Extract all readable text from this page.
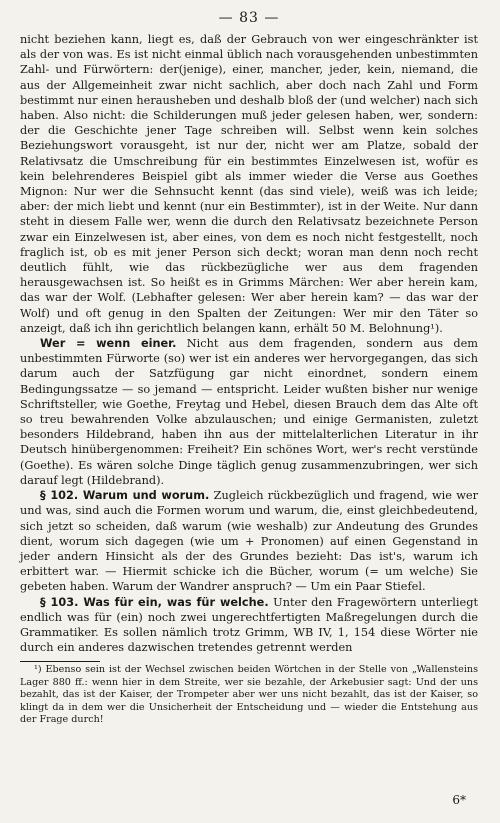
— 83 —

nicht beziehen kann, liegt es, daß der Gebrauch von wer eingeschränkter ist als der von was. Es ist nicht einmal üblich nach vorausgehenden unbestimmten Zahl- und Fürwörtern: der(jenige), einer, mancher, jeder, kein, niemand, die aus der Allgemeinheit zwar nicht sachlich, aber doch nach Zahl und Form bestimmt nur einen herausheben und deshalb bloß der (und welcher) nach sich haben. Also nicht: die Schilderungen muß jeder gelesen haben, wer, sondern: der die Geschichte jener Tage schreiben will. Selbst wenn kein solches Beziehungswort vorausgeht, ist nur der, nicht wer am Platze, sobald der Relativsatz die Umschreibung für ein bestimmtes Einzelwesen ist, wofür es kein belehrenderes Beispiel gibt als immer wieder die Verse aus Goethes Mignon: Nur wer die Sehnsucht kennt (das sind viele), weiß was ich leide; aber: der mich liebt und kennt (nur ein Bestimmter), ist in der Weite. Nur dann steht in diesem Falle wer, wenn die durch den Relativsatz bezeichnete Person zwar ein Einzelwesen ist, aber eines, von dem es noch nicht festgestellt, noch fraglich ist, ob es mit jener Person sich deckt; woran man denn noch recht deutlich fühlt, wie das rückbezügliche wer aus dem fragenden herausgewachsen ist. So heißt es in Grimms Märchen: Wer aber herein kam, das war der Wolf. (Lebhafter gelesen: Wer aber herein kam? — das war der Wolf) und oft genug in den Spalten der Zeitungen: Wer mir den Täter so anzeigt, daß ich ihn gerichtlich belangen kann, erhält 50 M. Belohnung¹).

Wer = wenn einer. Nicht aus dem fragenden, sondern aus dem unbestimmten Fürworte (so) wer ist ein anderes wer hervorgegangen, das sich darum auch der Satzfügung gar nicht einordnet, sondern einem Bedingungssatze — so jemand — entspricht. Leider wußten bisher nur wenige Schriftsteller, wie Goethe, Freytag und Hebel, diesen Brauch dem das Alte oft so treu bewahrenden Volke abzulauschen; und einige Germanisten, zuletzt besonders Hildebrand, haben ihn aus der mittelalterlichen Literatur in ihr Deutsch hinübergenommen: Freiheit? Ein schönes Wort, wer's recht verstünde (Goethe). Es wären solche Dinge täglich genug zusammenzubringen, wer sich darauf legt (Hildebrand).

§ 102. Warum und worum. Zugleich rückbezüglich und fragend, wie wer und was, sind auch die Formen worum und warum, die, einst gleichbedeutend, sich jetzt so scheiden, daß warum (wie weshalb) zur Andeutung des Grundes dient, worum sich dagegen (wie um + Pronomen) auf einen Gegenstand in jeder andern Hinsicht als der des Grundes bezieht: Das ist's, warum ich erbittert war. — Hiermit schicke ich die Bücher, worum (= um welche) Sie gebeten haben. Warum der Wandrer anspruch? — Um ein Paar Stiefel.

§ 103. Was für ein, was für welche. Unter den Fragewörtern unterliegt endlich was für (ein) noch zwei ungerechtfertigten Maßregelungen durch die Grammatiker. Es sollen nämlich trotz Grimm, WB IV, 1, 154 diese Wörter nie durch ein anderes dazwischen tretendes getrennt werden

¹) Ebenso sein ist der Wechsel zwischen beiden Wörtchen in der Stelle von „Wallensteins Lager 880 ff.: wenn hier in dem Streite, wer sie bezahle, der Arkebusier sagt: Und der uns bezahlt, das ist der Kaiser, der Trompeter aber wer uns nicht bezahlt, das ist der Kaiser, so klingt da in dem wer die Unsicherheit der Entscheidung und — wieder die Entstehung aus der Frage durch!

6*
